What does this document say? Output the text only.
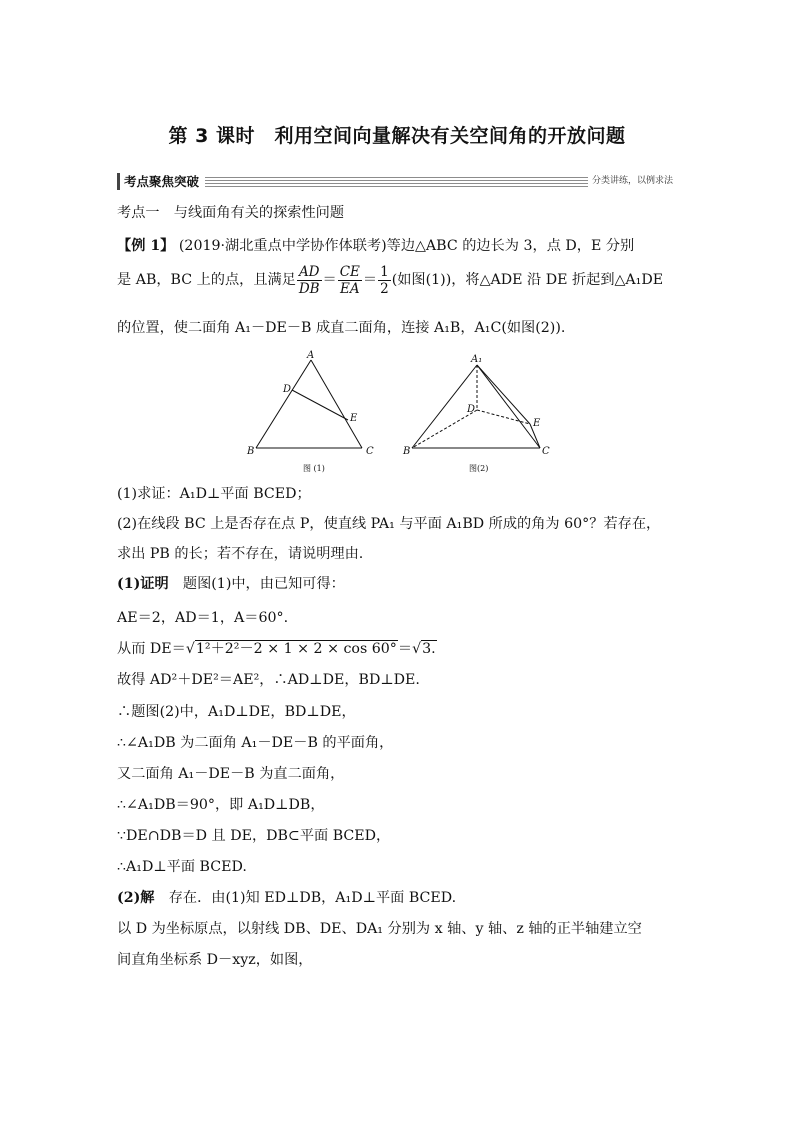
第 3 课时　利用空间向量解决有关空间角的开放问题
考点聚焦突破	分类讲练，以例求法
考点一　与线面角有关的探索性问题
【例 1】 (2019·湖北重点中学协作体联考)等边△ABC 的边长为 3，点 D，E 分别
是 AB，BC 上的点，且满足 $\frac{AD}{DB} = \frac{CE}{EA} = \frac{1}{2}$ (如图(1))，将△ADE 沿 DE 折起到△A₁DE
的位置，使二面角 A₁－DE－B 成直二面角，连接 A₁B，A₁C(如图(2)).
A
B	C
D
E
图 (1)
A₁
B	C
D
E
图(2)
(1)求证：A₁D⊥平面 BCED；
(2)在线段 BC 上是否存在点 P，使直线 PA₁ 与平面 A₁BD 所成的角为 60°？若存在，
求出 PB 的长；若不存在，请说明理由.
(1)证明　 题图(1)中，由已知可得：
AE＝2，AD＝1，A＝60°.
从而 DE＝√1²＋2²－2 × 1 × 2 × cos 60°＝√3.
故得 AD²＋DE²＝AE²，∴AD⊥DE，BD⊥DE.
∴题图(2)中，A₁D⊥DE，BD⊥DE，
∴∠A₁DB 为二面角 A₁－DE－B 的平面角，
又二面角 A₁－DE－B 为直二面角，
∴∠A₁DB＝90°，即 A₁D⊥DB，
∵DE∩DB＝D 且 DE，DB⊂平面 BCED，
∴A₁D⊥平面 BCED.
(2)解　 存在．由(1)知 ED⊥DB，A₁D⊥平面 BCED.
以 D 为坐标原点，以射线 DB、DE、DA₁ 分别为 x 轴、y 轴、z 轴的正半轴建立空
间直角坐标系 D－xyz，如图，
